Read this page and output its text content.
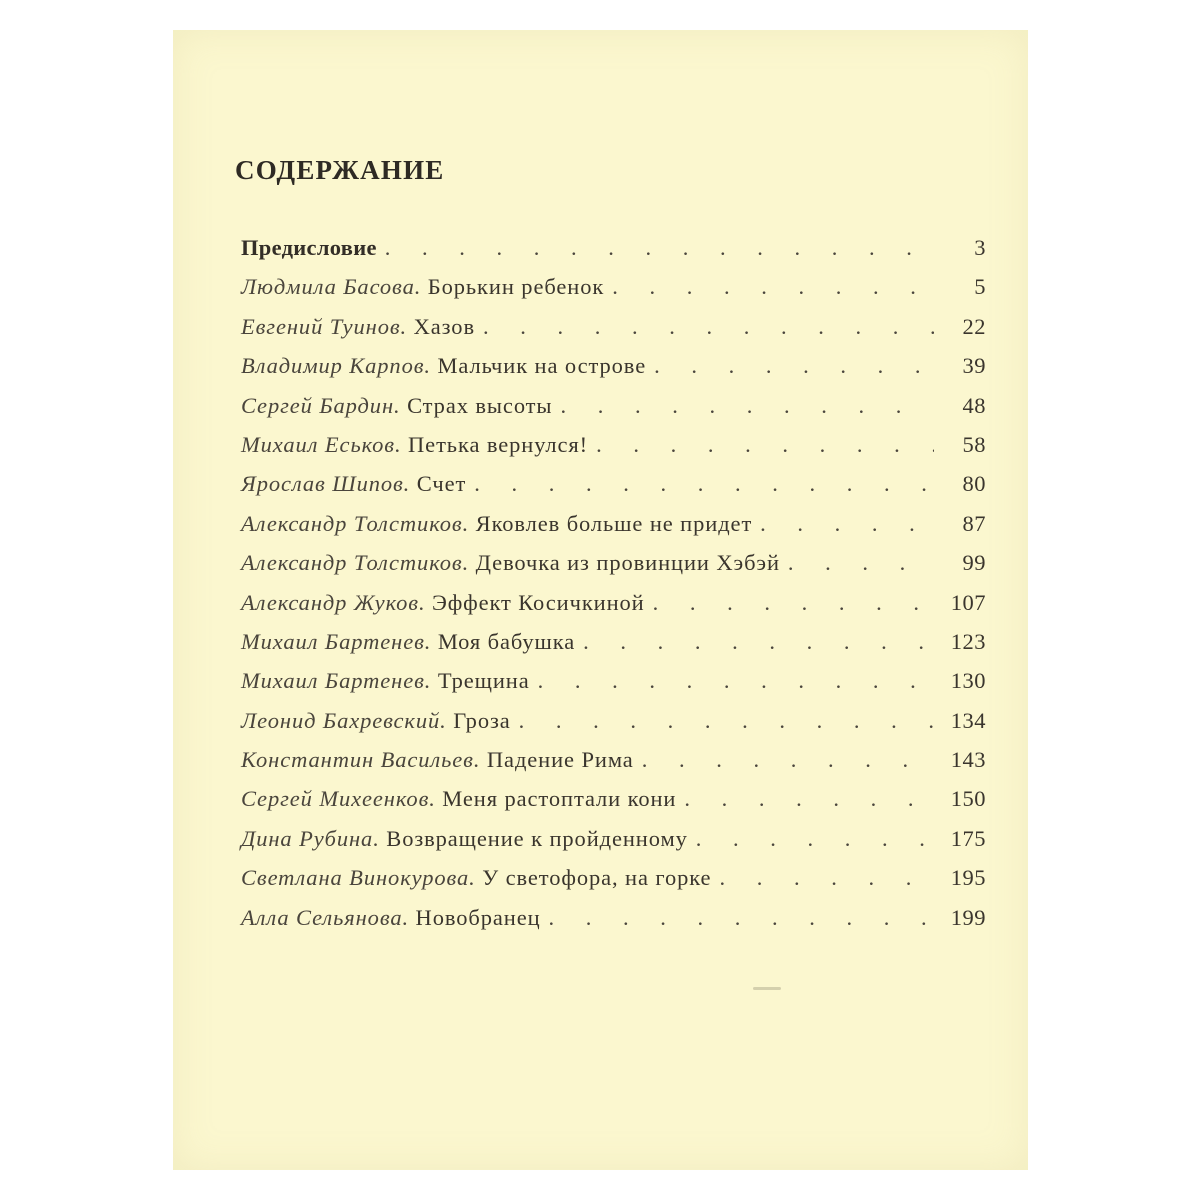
СОДЕРЖАНИЕ
Предисловие . . .	3
Людмила Басова. Борькин ребенок . . .	5
Евгений Туинов. Хазов . . .	22
Владимир Карпов. Мальчик на острове . . .	39
Сергей Бардин. Страх высоты . . .	48
Михаил Еськов. Петька вернулся! . . .	58
Ярослав Шипов. Счет . . .	80
Александр Толстиков. Яковлев больше не придет . . .	87
Александр Толстиков. Девочка из провинции Хэбэй . . .	99
Александр Жуков. Эффект Косичкиной . . .	107
Михаил Бартенев. Моя бабушка . . .	123
Михаил Бартенев. Трещина . . .	130
Леонид Бахревский. Гроза . . .	134
Константин Васильев. Падение Рима . . .	143
Сергей Михеенков. Меня растоптали кони . . .	150
Дина Рубина. Возвращение к пройденному . . .	175
Светлана Винокурова. У светофора, на горке . . .	195
Алла Сельянова. Новобранец . . .	199
